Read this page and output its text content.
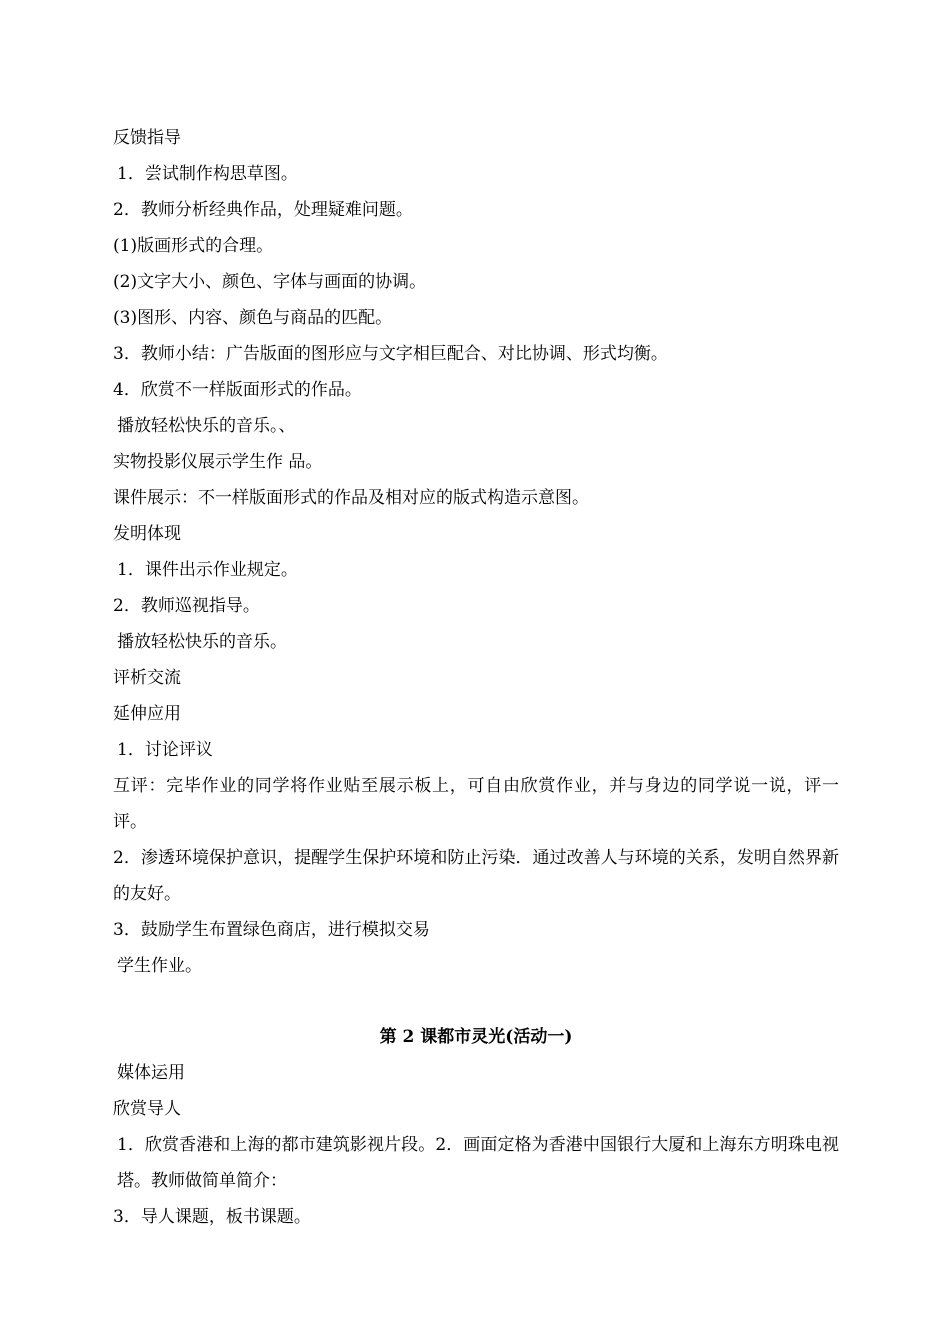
反馈指导

1．尝试制作构思草图。

2．教师分析经典作品，处理疑难问题。

(1)版画形式的合理。

(2)文字大小、颜色、字体与画面的协调。

(3)图形、内容、颜色与商品的匹配。

3．教师小结：广告版面的图形应与文字相巨配合、对比协调、形式均衡。

4．欣赏不一样版面形式的作品。

播放轻松快乐的音乐。、

实物投影仪展示学生作 品。

课件展示：不一样版面形式的作品及相对应的版式构造示意图。

发明体现

1．课件出示作业规定。

2．教师巡视指导。

播放轻松快乐的音乐。

评析交流

延伸应用

1．讨论评议

互评：完毕作业的同学将作业贴至展示板上，可自由欣赏作业，并与身边的同学说一说，评一评。

2．渗透环境保护意识，提醒学生保护环境和防止污染．通过改善人与环境的关系，发明自然界新的友好。

3．鼓励学生布置绿色商店，进行模拟交易

学生作业。

第 2 课都市灵光(活动一)

媒体运用

欣赏导人

1．欣赏香港和上海的都市建筑影视片段。2．画面定格为香港中国银行大厦和上海东方明珠电视塔。教师做简单简介：

3．导人课题，板书课题。
